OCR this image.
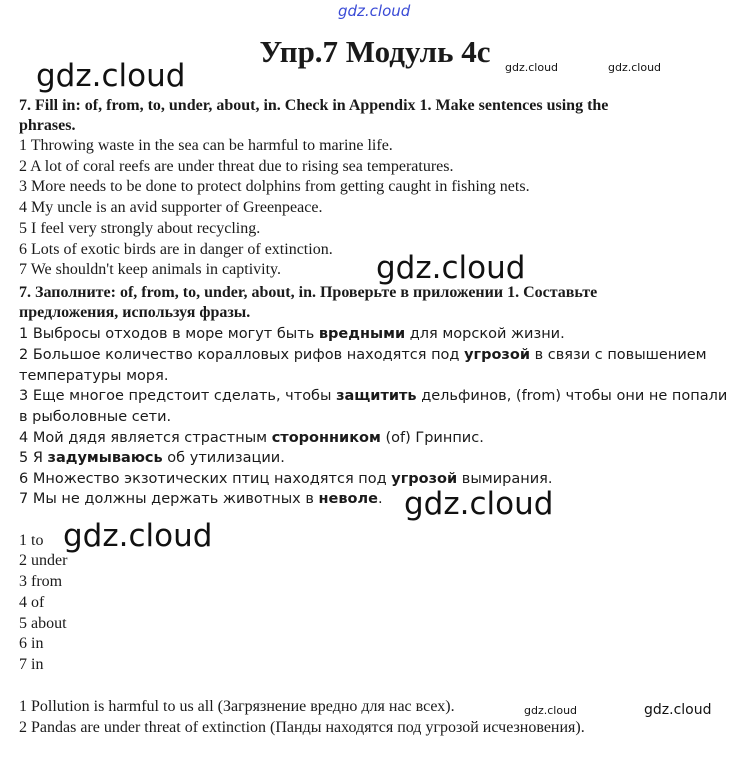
gdz.cloud
gdz.cloud
gdz.cloud
gdz.cloud
gdz.cloud
gdz.cloud	gdz.cloud
gdz.cloud	gdz.cloud
Упр.7 Модуль 4с
7. Fill in: of, from, to, under, about, in. Check in Appendix 1. Make sentences using the
phrases.
1 Throwing waste in the sea can be harmful to marine life.
2 A lot of coral reefs are under threat due to rising sea temperatures.
3 More needs to be done to protect dolphins from getting caught in fishing nets.
4 My uncle is an avid supporter of Greenpeace.
5 I feel very strongly about recycling.
6 Lots of exotic birds are in danger of extinction.
7 We shouldn't keep animals in captivity.
7. Заполните: of, from, to, under, about, in. Проверьте в приложении 1. Составьте
предложения, используя фразы.
1 Выбросы отходов в море могут быть вредными для морской жизни.
2 Большое количество коралловых рифов находятся под угрозой в связи с повышением
температуры моря.
3 Еще многое предстоит сделать, чтобы защитить дельфинов, (from) чтобы они не попали
в рыболовные сети.
4 Мой дядя является страстным сторонником (of) Гринпис.
5 Я задумываюсь об утилизации.
6 Множество экзотических птиц находятся под угрозой вымирания.
7 Мы не должны держать животных в неволе.
1 to
2 under
3 from
4 of
5 about
6 in
7 in
1 Pollution is harmful to us all (Загрязнение вредно для нас всех).
2 Pandas are under threat of extinction (Панды находятся под угрозой исчезновения).
